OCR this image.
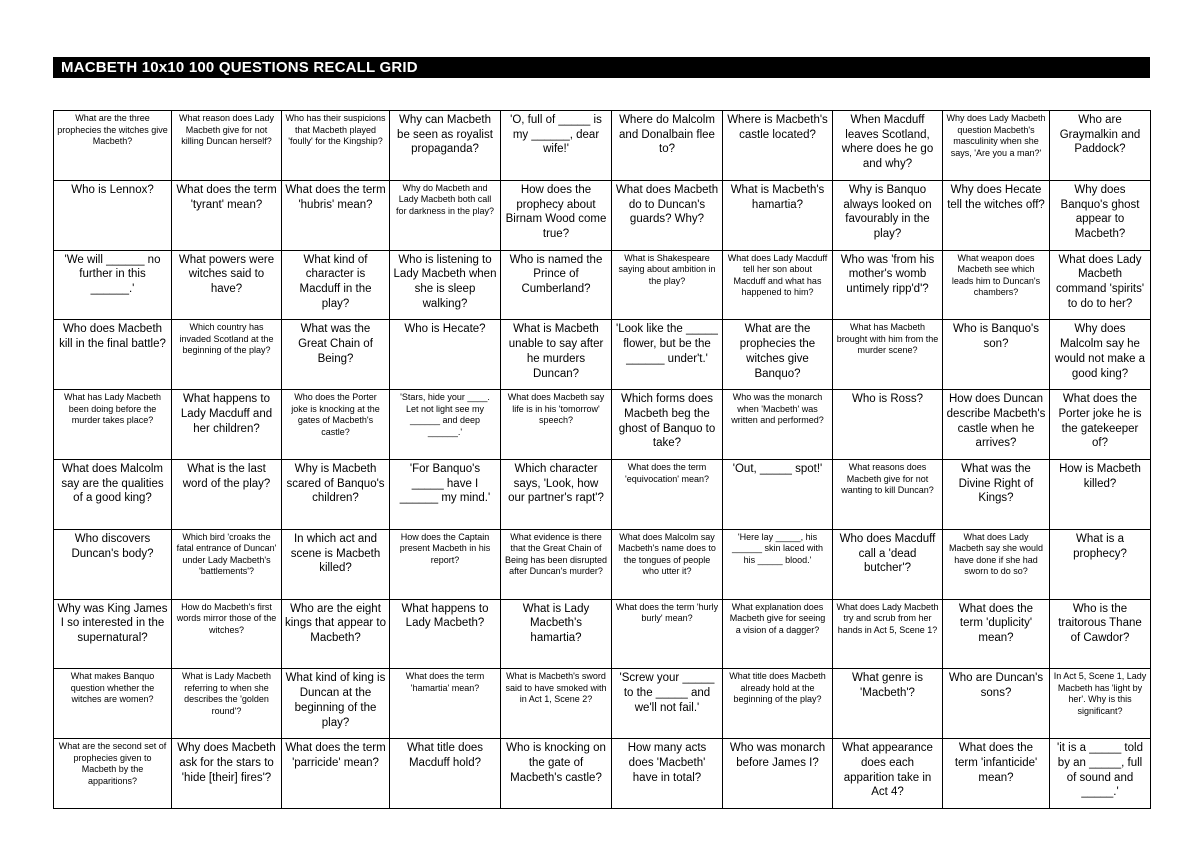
MACBETH 10x10 100 QUESTIONS RECALL GRID
What are the three prophecies the witches give Macbeth?	What reason does Lady Macbeth give for not killing Duncan herself?	Who has their suspicions that Macbeth played 'foully' for the Kingship?	Why can Macbeth be seen as royalist propaganda?	'O, full of _____ is my ______, dear wife!'	Where do Malcolm and Donalbain flee to?	Where is Macbeth's castle located?	When Macduff leaves Scotland, where does he go and why?	Why does Lady Macbeth question Macbeth's masculinity when she says, 'Are you a man?'	Who are Graymalkin and Paddock?
Who is Lennox?	What does the term 'tyrant' mean?	What does the term 'hubris' mean?	Why do Macbeth and Lady Macbeth both call for darkness in the play?	How does the prophecy about Birnam Wood come true?	What does Macbeth do to Duncan's guards? Why?	What is Macbeth's hamartia?	Why is Banquo always looked on favourably in the play?	Why does Hecate tell the witches off?	Why does Banquo's ghost appear to Macbeth?
'We will ______ no further in this ______.'	What powers were witches said to have?	What kind of character is Macduff in the play?	Who is listening to Lady Macbeth when she is sleep walking?	Who is named the Prince of Cumberland?	What is Shakespeare saying about ambition in the play?	What does Lady Macduff tell her son about Macduff and what has happened to him?	Who was 'from his mother's womb untimely ripp'd'?	What weapon does Macbeth see which leads him to Duncan's chambers?	What does Lady Macbeth command 'spirits' to do to her?
Who does Macbeth kill in the final battle?	Which country has invaded Scotland at the beginning of the play?	What was the Great Chain of Being?	Who is Hecate?	What is Macbeth unable to say after he murders Duncan?	'Look like the _____ flower, but be the ______ under't.'	What are the prophecies the witches give Banquo?	What has Macbeth brought with him from the murder scene?	Who is Banquo's son?	Why does Malcolm say he would not make a good king?
What has Lady Macbeth been doing before the murder takes place?	What happens to Lady Macduff and her children?	Who does the Porter joke is knocking at the gates of Macbeth's castle?	'Stars, hide your ____. Let not light see my ______ and deep ______.'	What does Macbeth say life is in his 'tomorrow' speech?	Which forms does Macbeth beg the ghost of Banquo to take?	Who was the monarch when 'Macbeth' was written and performed?	Who is Ross?	How does Duncan describe Macbeth's castle when he arrives?	What does the Porter joke he is the gatekeeper of?
What does Malcolm say are the qualities of a good king?	What is the last word of the play?	Why is Macbeth scared of Banquo's children?	'For Banquo's _____ have I ______ my mind.'	Which character says, 'Look, how our partner's rapt'?	What does the term 'equivocation' mean?	'Out, _____ spot!'	What reasons does Macbeth give for not wanting to kill Duncan?	What was the Divine Right of Kings?	How is Macbeth killed?
Who discovers Duncan's body?	Which bird 'croaks the fatal entrance of Duncan' under Lady Macbeth's 'battlements'?	In which act and scene is Macbeth killed?	How does the Captain present Macbeth in his report?	What evidence is there that the Great Chain of Being has been disrupted after Duncan's murder?	What does Malcolm say Macbeth's name does to the tongues of people who utter it?	'Here lay _____, his ______ skin laced with his _____ blood.'	Who does Macduff call a 'dead butcher'?	What does Lady Macbeth say she would have done if she had sworn to do so?	What is a prophecy?
Why was King James I so interested in the supernatural?	How do Macbeth's first words mirror those of the witches?	Who are the eight kings that appear to Macbeth?	What happens to Lady Macbeth?	What is Lady Macbeth's hamartia?	What does the term 'hurly burly' mean?	What explanation does Macbeth give for seeing a vision of a dagger?	What does Lady Macbeth try and scrub from her hands in Act 5, Scene 1?	What does the term 'duplicity' mean?	Who is the traitorous Thane of Cawdor?
What makes Banquo question whether the witches are women?	What is Lady Macbeth referring to when she describes the 'golden round'?	What kind of king is Duncan at the beginning of the play?	What does the term 'hamartia' mean?	What is Macbeth's sword said to have smoked with in Act 1, Scene 2?	'Screw your _____ to the _____ and we'll not fail.'	What title does Macbeth already hold at the beginning of the play?	What genre is 'Macbeth'?	Who are Duncan's sons?	In Act 5, Scene 1, Lady Macbeth has 'light by her'. Why is this significant?
What are the second set of prophecies given to Macbeth by the apparitions?	Why does Macbeth ask for the stars to 'hide [their] fires'?	What does the term 'parricide' mean?	What title does Macduff hold?	Who is knocking on the gate of Macbeth's castle?	How many acts does 'Macbeth' have in total?	Who was monarch before James I?	What appearance does each apparition take in Act 4?	What does the term 'infanticide' mean?	'it is a _____ told by an _____, full of sound and _____.'
